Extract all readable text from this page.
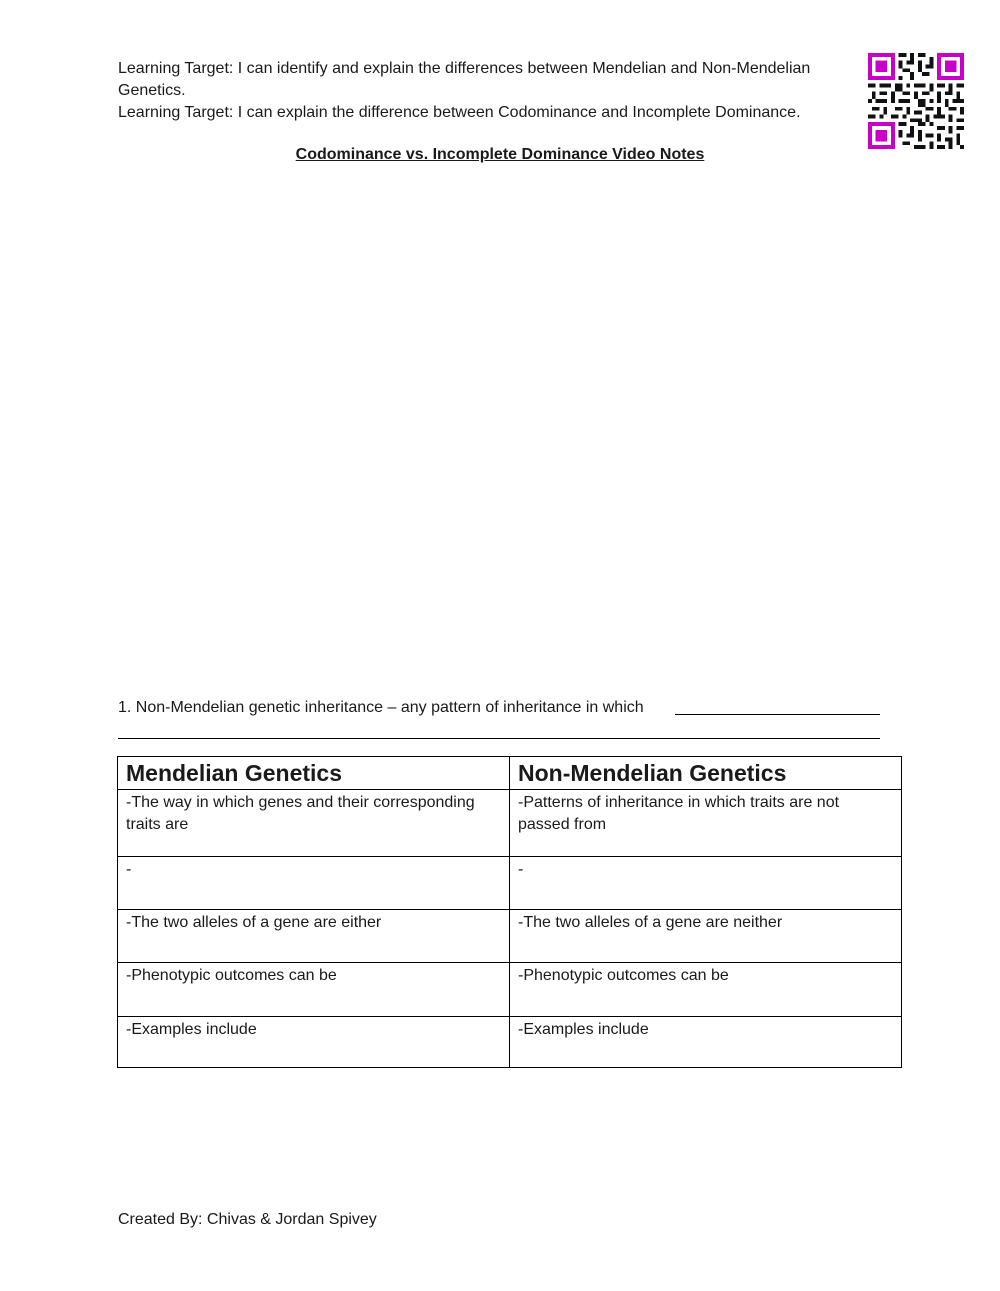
Learning Target: I can identify and explain the differences between Mendelian and Non-Mendelian Genetics.
Learning Target: I can explain the difference between Codominance and Incomplete Dominance.
Codominance vs. Incomplete Dominance Video Notes
1. Non-Mendelian genetic inheritance – any pattern of inheritance in which
Mendelian Genetics	Non-Mendelian Genetics
-The way in which genes and their corresponding traits are	-Patterns of inheritance in which traits are not passed from
-	-
-The two alleles of a gene are either	-The two alleles of a gene are neither
-Phenotypic outcomes can be	-Phenotypic outcomes can be
-Examples include	-Examples include
Created By: Chivas & Jordan Spivey
